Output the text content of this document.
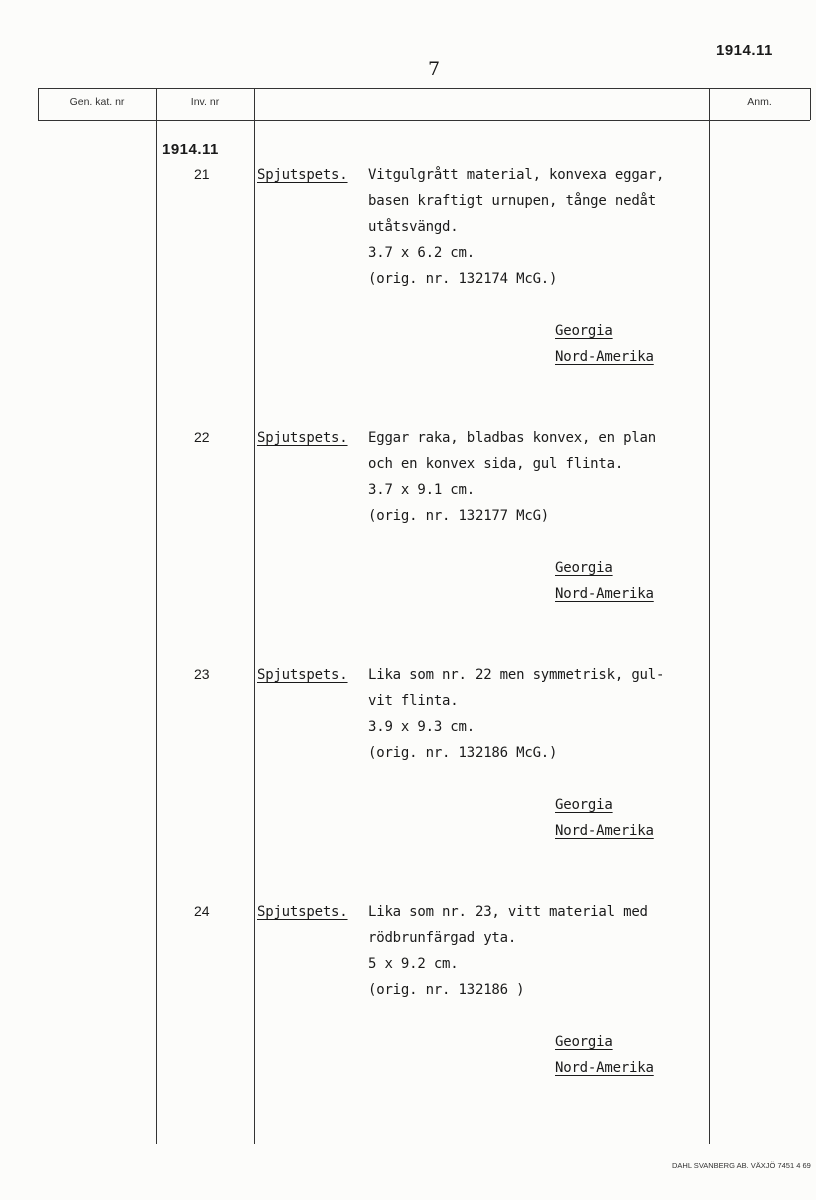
7
1914.11
Gen. kat. nr	Inv. nr	Anm.
1914.11
21	Spjutspets. Vitgulgrått material, konvexa eggar,
basen kraftigt urnupen, tånge nedåt
utåtsvängd.
3.7 x 6.2 cm.
(orig. nr. 132174 McG.)
Georgia
Nord-Amerika
22	Spjutspets. Eggar raka, bladbas konvex, en plan
och en konvex sida, gul flinta.
3.7 x 9.1 cm.
(orig. nr. 132177 McG)
Georgia
Nord-Amerika
23	Spjutspets. Lika som nr. 22 men symmetrisk, gul-
vit flinta.
3.9 x 9.3 cm.
(orig. nr. 132186 McG.)
Georgia
Nord-Amerika
24	Spjutspets. Lika som nr. 23, vitt material med
rödbrunfärgad yta.
5 x 9.2 cm.
(orig. nr. 132186 )
Georgia
Nord-Amerika
DAHL SVANBERG AB. VÄXJÖ 7451 4 69
